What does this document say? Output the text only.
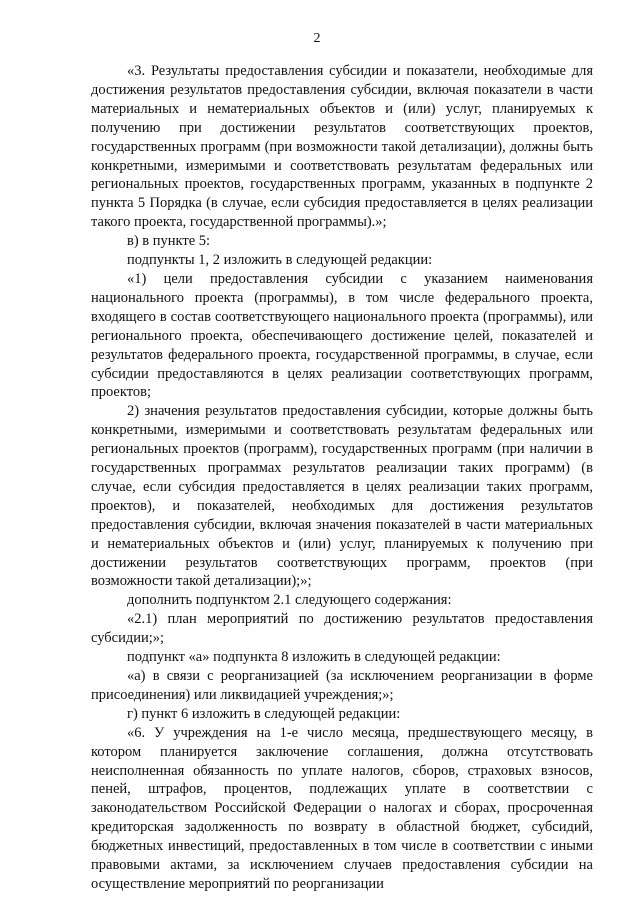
2

«3. Результаты предоставления субсидии и показатели, необходимые для достижения результатов предоставления субсидии, включая показатели в части материальных и нематериальных объектов и (или) услуг, планируемых к получению при достижении результатов соответствующих проектов, государственных программ (при возможности такой детализации), должны быть конкретными, измеримыми и соответствовать результатам федеральных или региональных проектов, государственных программ, указанных в подпункте 2 пункта 5 Порядка (в случае, если субсидия предоставляется в целях реализации такого проекта, государственной программы).»;

в) в пункте 5:

подпункты 1, 2 изложить в следующей редакции:

«1) цели предоставления субсидии с указанием наименования национального проекта (программы), в том числе федерального проекта, входящего в состав соответствующего национального проекта (программы), или регионального проекта, обеспечивающего достижение целей, показателей и результатов федерального проекта, государственной программы, в случае, если субсидии предоставляются в целях реализации соответствующих программ, проектов;

2) значения результатов предоставления субсидии, которые должны быть конкретными, измеримыми и соответствовать результатам федеральных или региональных проектов (программ), государственных программ (при наличии в государственных программах результатов реализации таких программ) (в случае, если субсидия предоставляется в целях реализации таких программ, проектов), и показателей, необходимых для достижения результатов предоставления субсидии, включая значения показателей в части материальных и нематериальных объектов и (или) услуг, планируемых к получению при достижении результатов соответствующих программ, проектов (при возможности такой детализации);»;

дополнить подпунктом 2.1 следующего содержания:

«2.1) план мероприятий по достижению результатов предоставления субсидии;»;

подпункт «а» подпункта 8 изложить в следующей редакции:

«а) в связи с реорганизацией (за исключением реорганизации в форме присоединения) или ликвидацией учреждения;»;

г) пункт 6 изложить в следующей редакции:

«6. У учреждения на 1-е число месяца, предшествующего месяцу, в котором планируется заключение соглашения, должна отсутствовать неисполненная обязанность по уплате налогов, сборов, страховых взносов, пеней, штрафов, процентов, подлежащих уплате в соответствии с законодательством Российской Федерации о налогах и сборах, просроченная кредиторская задолженность по возврату в областной бюджет, субсидий, бюджетных инвестиций, предоставленных в том числе в соответствии с иными правовыми актами, за исключением случаев предоставления субсидии на осуществление мероприятий по реорганизации
